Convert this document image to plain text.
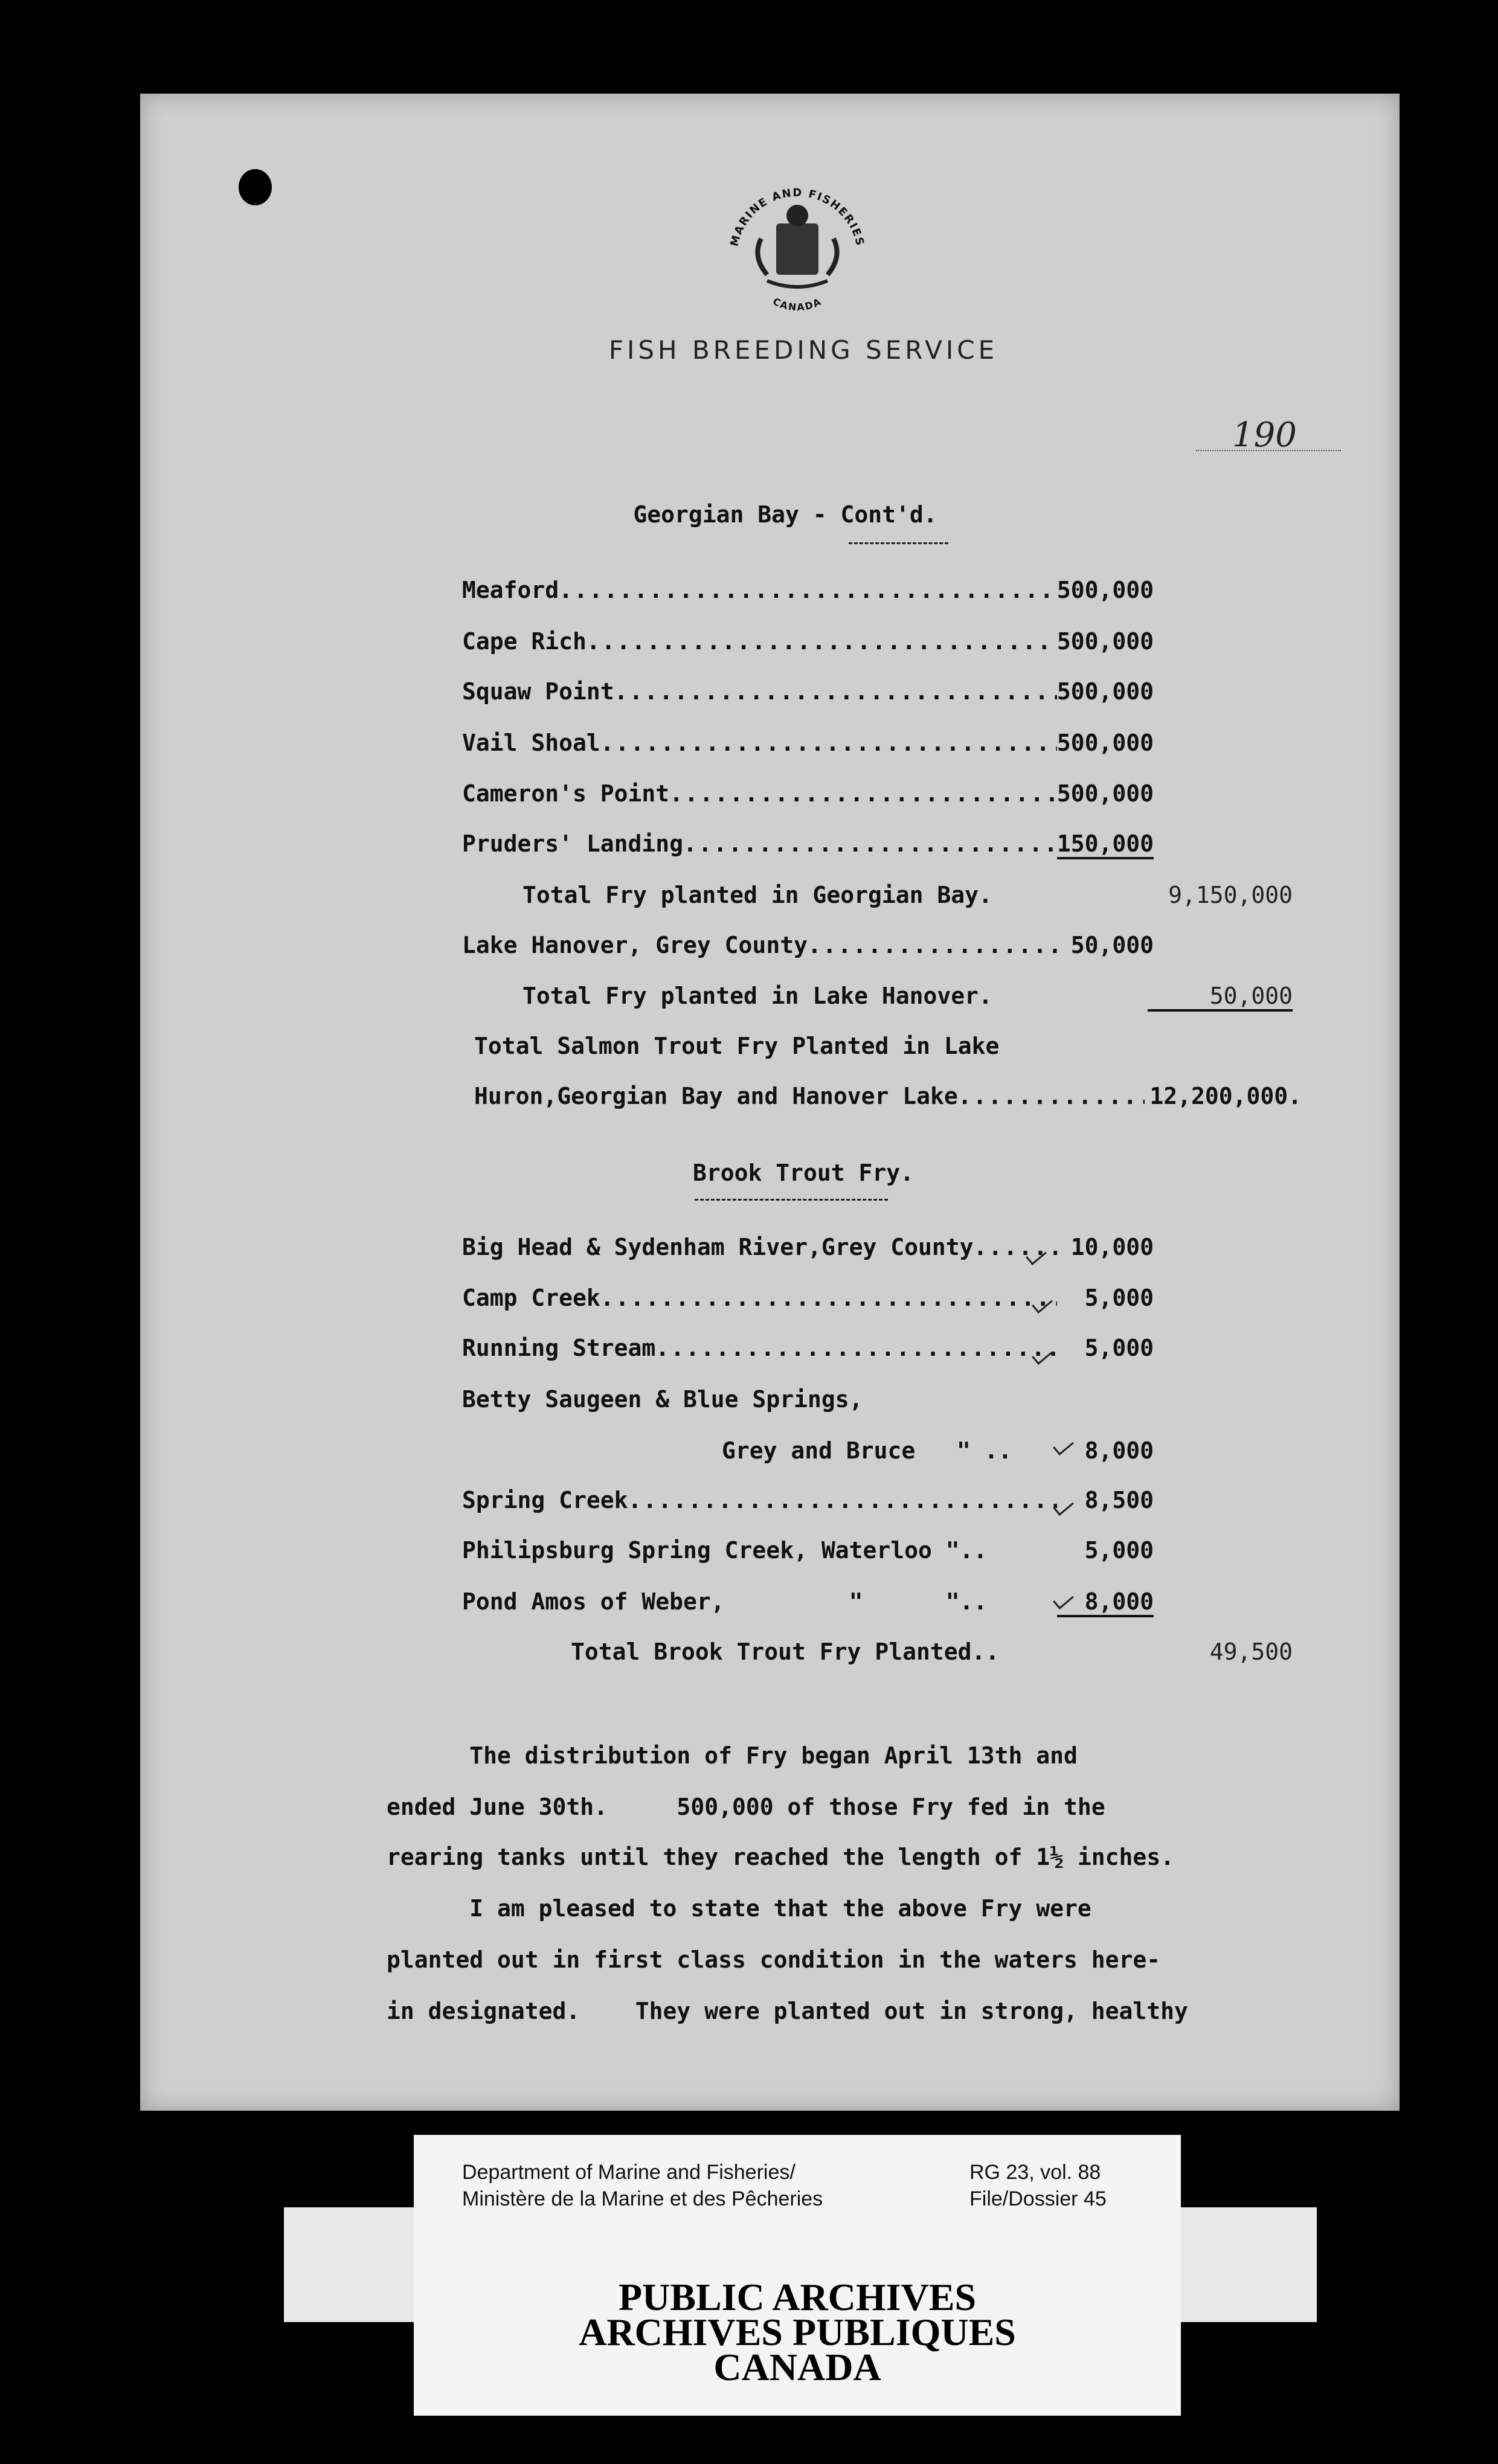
MARINE AND FISHERIES
CANADA
FISH BREEDING SERVICE
190
Georgian Bay - Cont'd.
Meaford .....	500,000
Cape Rich .....	500,000
Squaw Point .....	500,000
Vail Shoal .....	500,000
Cameron's Point .....	500,000
Pruders' Landing .....	150,000
Total Fry planted in Georgian Bay.	9,150,000
Lake Hanover, Grey County .....	50,000
Total Fry planted in Lake Hanover.	50,000
Total Salmon Trout Fry Planted in Lake
Huron,Georgian Bay and Hanover Lake .....	12,200,000.
Brook Trout Fry.
Big Head & Sydenham River,Grey County .....	10,000
Camp Creek .....	5,000
Running Stream .....	5,000
Betty Saugeen & Blue Springs,
Grey and Bruce   " ..	8,000
Spring Creek .....	8,500
Philipsburg Spring Creek, Waterloo "..	5,000
Pond Amos of Weber,         "      "..	8,000
Total Brook Trout Fry Planted..	49,500
The distribution of Fry began April 13th and
ended June 30th.     500,000 of those Fry fed in the
rearing tanks until they reached the length of 1½ inches.
I am pleased to state that the above Fry were
planted out in first class condition in the waters here-
in designated.    They were planted out in strong, healthy
Department of Marine and Fisheries/
Ministère de la Marine et des Pêcheries
RG 23, vol. 88
File/Dossier 45
PUBLIC ARCHIVES
ARCHIVES PUBLIQUES
CANADA
